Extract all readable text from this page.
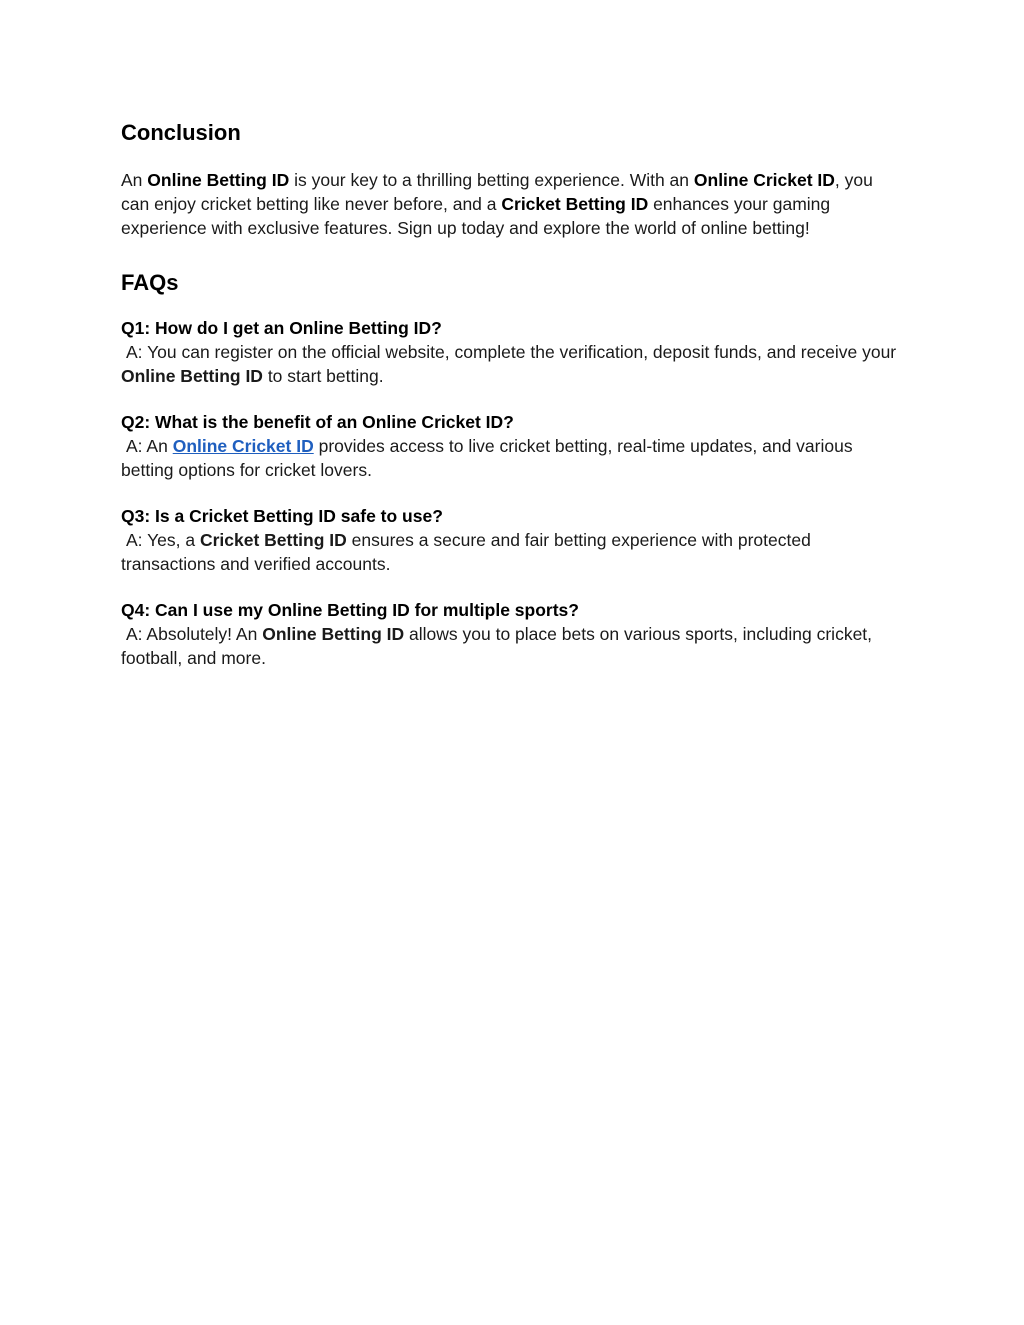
Conclusion

An Online Betting ID is your key to a thrilling betting experience. With an Online Cricket ID, you can enjoy cricket betting like never before, and a Cricket Betting ID enhances your gaming experience with exclusive features. Sign up today and explore the world of online betting!

FAQs

Q1: How do I get an Online Betting ID?

A: You can register on the official website, complete the verification, deposit funds, and receive your Online Betting ID to start betting.

Q2: What is the benefit of an Online Cricket ID?

A: An Online Cricket ID provides access to live cricket betting, real-time updates, and various betting options for cricket lovers.

Q3: Is a Cricket Betting ID safe to use?

A: Yes, a Cricket Betting ID ensures a secure and fair betting experience with protected transactions and verified accounts.

Q4: Can I use my Online Betting ID for multiple sports?

A: Absolutely! An Online Betting ID allows you to place bets on various sports, including cricket, football, and more.
